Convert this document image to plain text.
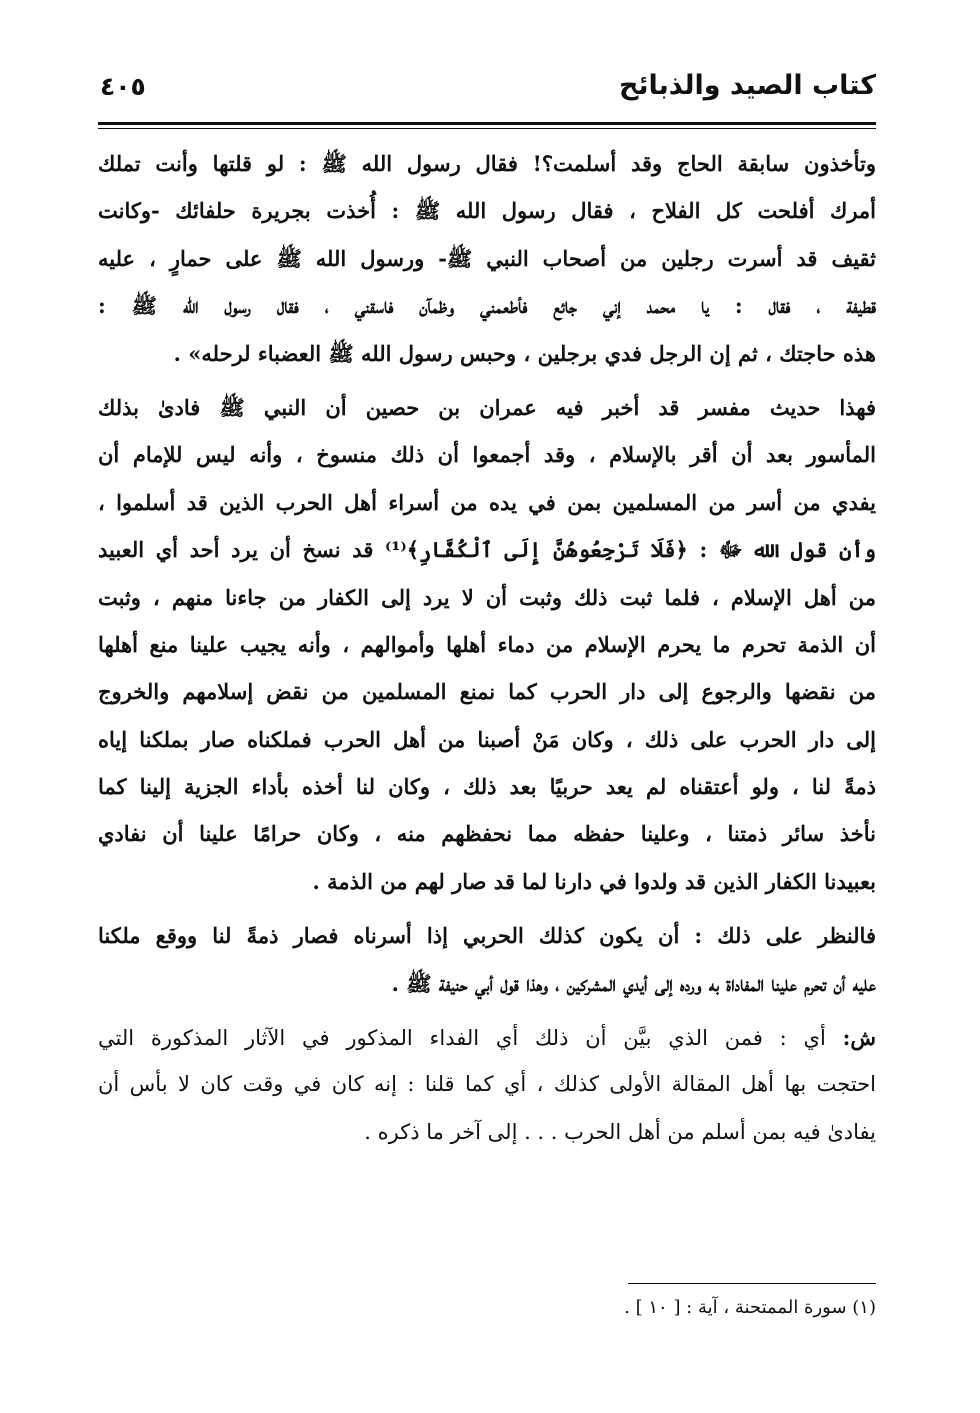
كتاب الصيد والذبائح
٤٠٥
وتأخذون سابقة الحاج وقد أسلمت؟! فقال رسول الله ﷺ : لو قلتها وأنت تملك
أمرك أفلحت كل الفلاح ، فقال رسول الله ﷺ : أُخذت بجريرة حلفائك -وكانت
ثقيف قد أسرت رجلين من أصحاب النبي ﷺ- ورسول الله ﷺ على حمارٍ ، عليه
قطيفة ، فقال : يا محمد إني جائع فأطعمني وظمآن فاسقني ، فقال رسول الله ﷺ :
هذه حاجتك ، ثم إن الرجل فدي برجلين ، وحبس رسول الله ﷺ العضباء لرحله» .
فهذا حديث مفسر قد أخبر فيه عمران بن حصين أن النبي ﷺ فادىٰ بذلك
المأسور بعد أن أقر بالإسلام ، وقد أجمعوا أن ذلك منسوخ ، وأنه ليس للإمام أن
يفدي من أسر من المسلمين بمن في يده من أسراء أهل الحرب الذين قد أسلموا ،
وأن قول الله ﷻ : ﴿فَلَا تَرْجِعُوهُنَّ إِلَى ٱلْكُفَّارِ﴾⁽¹⁾ قد نسخ أن يرد أحد أي العبيد
من أهل الإسلام ، فلما ثبت ذلك وثبت أن لا يرد إلى الكفار من جاءنا منهم ، وثبت
أن الذمة تحرم ما يحرم الإسلام من دماء أهلها وأموالهم ، وأنه يجيب علينا منع أهلها
من نقضها والرجوع إلى دار الحرب كما نمنع المسلمين من نقض إسلامهم والخروج
إلى دار الحرب على ذلك ، وكان مَنْ أصبنا من أهل الحرب فملكناه صار بملكنا إياه
ذمةً لنا ، ولو أعتقناه لم يعد حربيًا بعد ذلك ، وكان لنا أخذه بأداء الجزية إلينا كما
نأخذ سائر ذمتنا ، وعلينا حفظه مما نحفظهم منه ، وكان حرامًا علينا أن نفادي
بعبيدنا الكفار الذين قد ولدوا في دارنا لما قد صار لهم من الذمة .
فالنظر على ذلك : أن يكون كذلك الحربي إذا أسرناه فصار ذمةً لنا ووقع ملكنا
عليه أن تحرم علينا المفاداة به ورده إلى أيدي المشركين ، وهذا قول أبي حنيفة ﷺ .
ش: أي : فمن الذي بيَّن أن ذلك أي الفداء المذكور في الآثار المذكورة التي
احتجت بها أهل المقالة الأولى كذلك ، أي كما قلنا : إنه كان في وقت كان لا بأس أن
يفادىٰ فيه بمن أسلم من أهل الحرب . . . إلى آخر ما ذكره .
(١) سورة الممتحنة ، آية : [ ١٠ ] .
